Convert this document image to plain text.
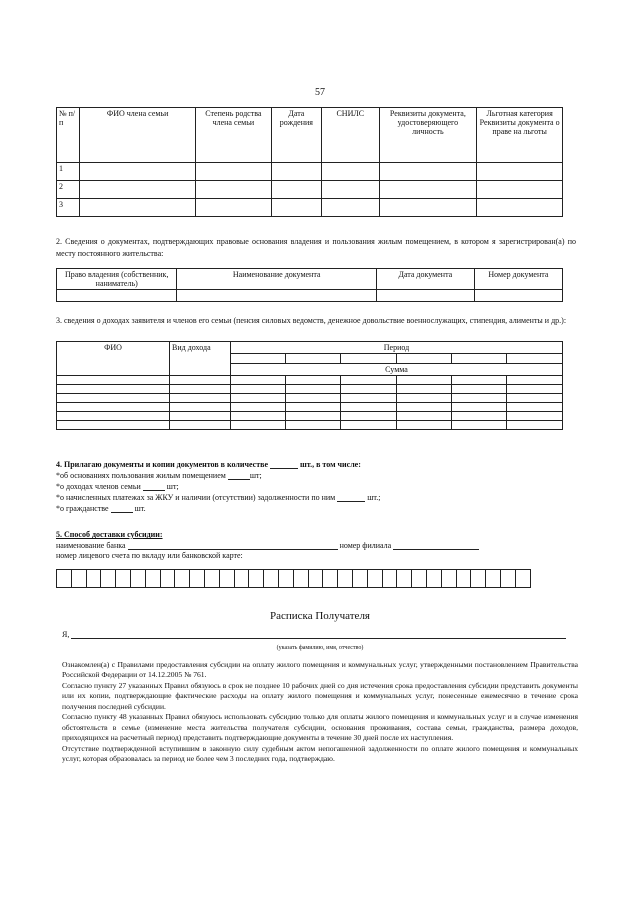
57
№ п/п	ФИО члена семьи	Степень родства члена семьи	Дата рождения	СНИЛС	Реквизиты документа, удостоверяющего личность	Льготная категория Реквизиты документа о праве на льготы
1						
2						
3						
2. Сведения о документах, подтверждающих правовые основания владения и пользования жилым помещением, в котором я зарегистрирован(а) по месту постоянного жительства:
Право владения (собственник, наниматель)	Наименование документа	Дата документа	Номер документа

3. сведения о доходах заявителя и членов его семьи (пенсия силовых ведомств, денежное довольствие военнослужащих, стипендия, алименты и др.):
ФИО	Вид дохода	Период					

		Сумма					

4. Прилагаю документы и копии документов в количестве	шт., в том числе:
*об основаниях пользования жилым помещением	шт;
*о доходах членов семьи	шт;
*о начисленных платежах за ЖКУ и наличии (отсутствии) задолженности по ним	шт.;
*о гражданстве	шт.
5. Способ доставки субсидии:
наименование банка	номер филиала
номер лицевого счета по вкладу или банковской карте:
Расписка Получателя
Я,
(указать фамилию, имя, отчество)
Ознакомлен(а) с Правилами предоставления субсидии на оплату жилого помещения и коммунальных услуг, утвержденными постановлением Правительства Российской Федерации от 14.12.2005 № 761.
Согласно пункту 27 указанных Правил обязуюсь в срок не позднее 10 рабочих дней со дня истечения срока предоставления субсидии представить документы или их копии, подтверждающие фактические расходы на оплату жилого помещения и коммунальных услуг, понесенные ежемесячно в течение срока получения последней субсидии.
Согласно пункту 48 указанных Правил обязуюсь использовать субсидию только для оплаты жилого помещения и коммунальных услуг и в случае изменения обстоятельств в семье (изменение места жительства получателя субсидии, основания проживания, состава семьи, гражданства, размера доходов, приходящихся на расчетный период) представить подтверждающие документы в течение 30 дней после их наступления.
Отсутствие подтвержденной вступившим в законную силу судебным актом непогашенной задолженности по оплате жилого помещения и коммунальных услуг, которая образовалась за период не более чем 3 последних года, подтверждаю.
